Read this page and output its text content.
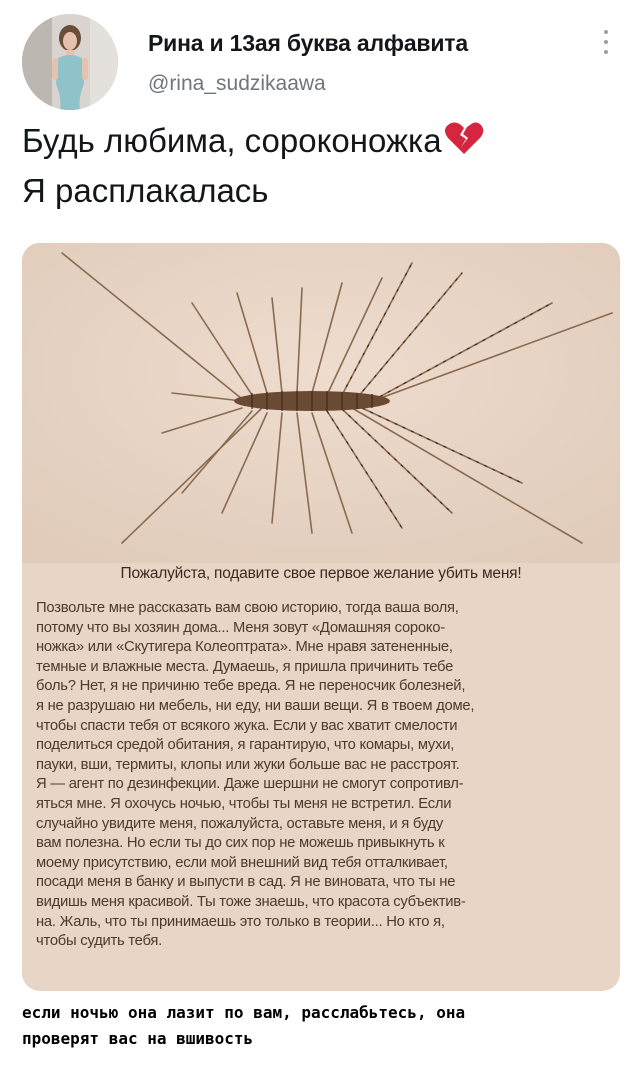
Рина и 13ая буква алфавита
@rina_sudzikaawa
Будь любима, сороконожка
Я расплакалась
Пожалуйста, подавите свое первое желание убить меня!
Позвольте мне рассказать вам свою историю, тогда ваша воля,
потому что вы хозяин дома... Меня зовут «Домашняя сороко-
ножка» или «Скутигера Колеоптрата». Мне нравя затененные,
темные и влажные места. Думаешь, я пришла причинить тебе
боль? Нет, я не причиню тебе вреда. Я не переносчик болезней,
я не разрушаю ни мебель, ни еду, ни ваши вещи. Я в твоем доме,
чтобы спасти тебя от всякого жука. Если у вас хватит смелости
поделиться средой обитания, я гарантирую, что комары, мухи,
пауки, вши, термиты, клопы или жуки больше вас не расстроят.
Я — агент по дезинфекции. Даже шершни не смогут сопротивл-
яться мне. Я охочусь ночью, чтобы ты меня не встретил. Если
случайно увидите меня, пожалуйста, оставьте меня, и я буду
вам полезна. Но если ты до сих пор не можешь привыкнуть к
моему присутствию, если мой внешний вид тебя отталкивает,
посади меня в банку и выпусти в сад. Я не виновата, что ты не
видишь меня красивой. Ты тоже знаешь, что красота субъектив-
на. Жаль, что ты принимаешь это только в теории... Но кто я,
чтобы судить тебя.
если ночью она лазит по вам, расслабьтесь, она
проверят вас на вшивость
